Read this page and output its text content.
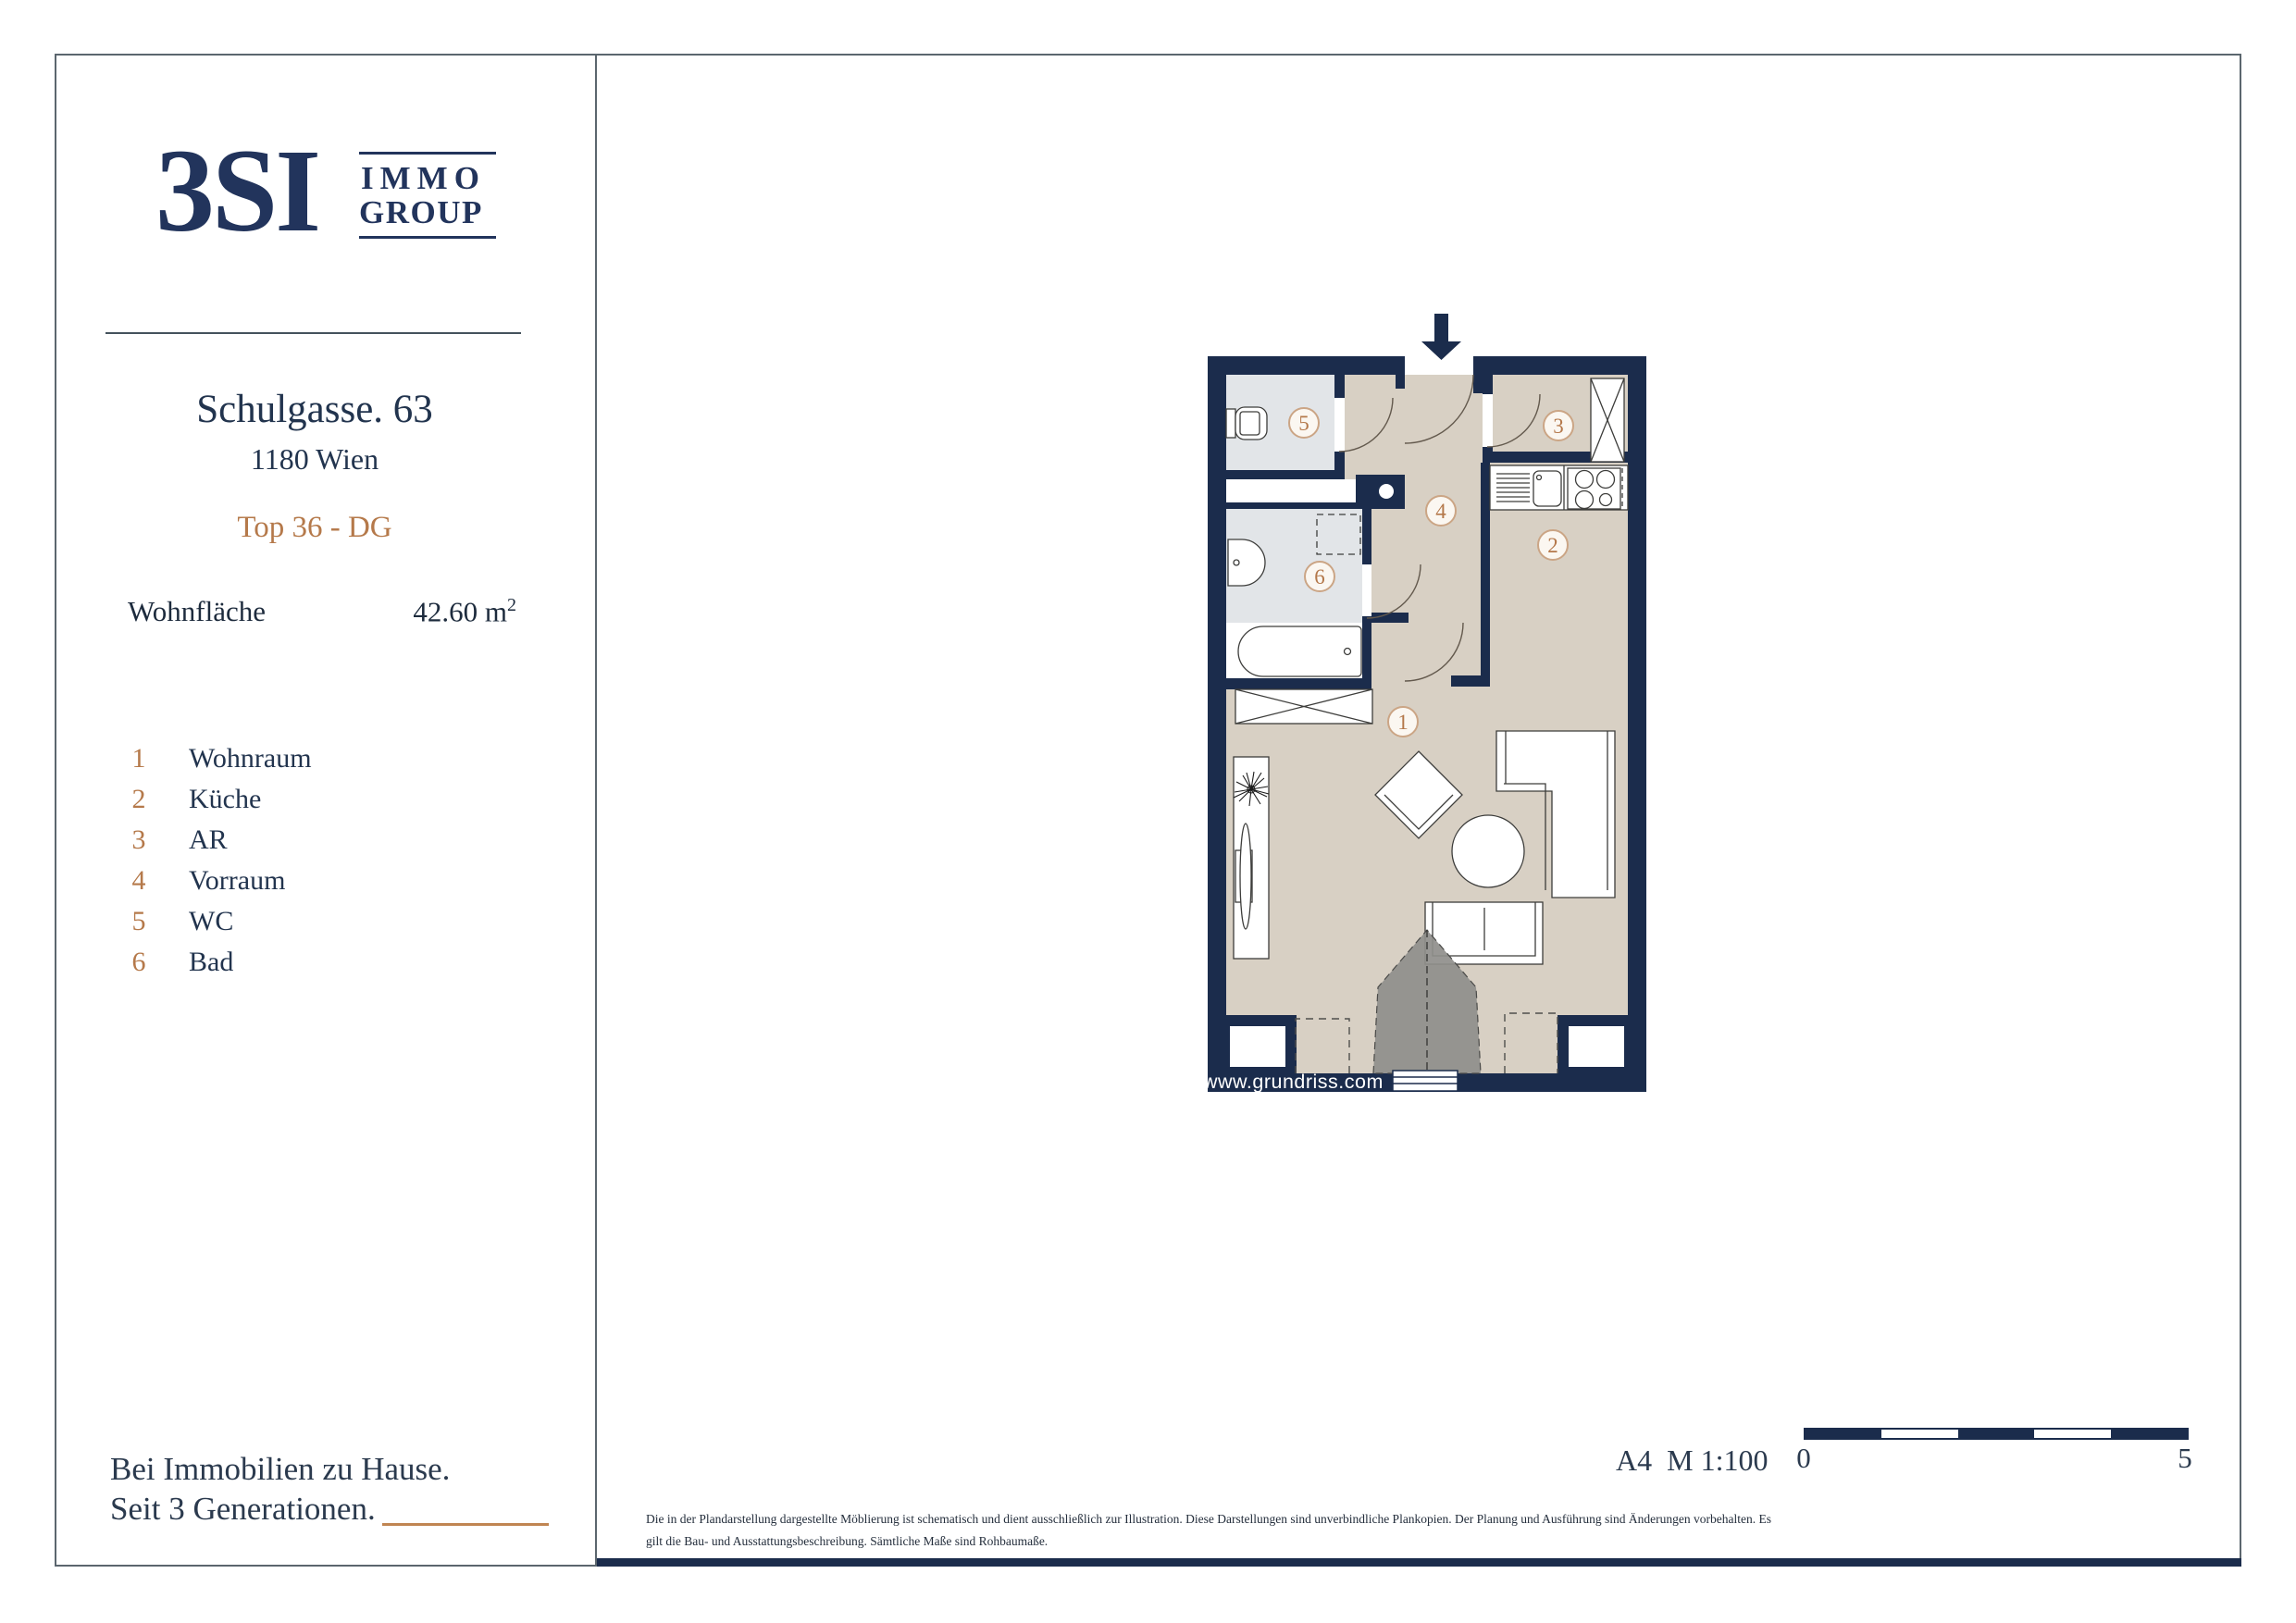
3SI IMMO
GROUP
Schulgasse. 63
1180 Wien
Top 36 - DG
Wohnfläche	42.60 $m^2$
1	Wohnraum
2	Küche
3	AR
4	Vorraum
5	WC
6	Bad
Bei Immobilien zu Hause.
Seit 3 Generationen.
1
2
3
4
5
6
www.grundriss.com
A4  M 1:100 0	5
Die in der Plandarstellung dargestellte Möblierung ist schematisch und dient ausschließlich zur Illustration. Diese Darstellungen sind unverbindliche Plankopien. Der Planung und Ausführung sind Änderungen vorbehalten. Es
gilt die Bau- und Ausstattungsbeschreibung. Sämtliche Maße sind Rohbaumaße.
